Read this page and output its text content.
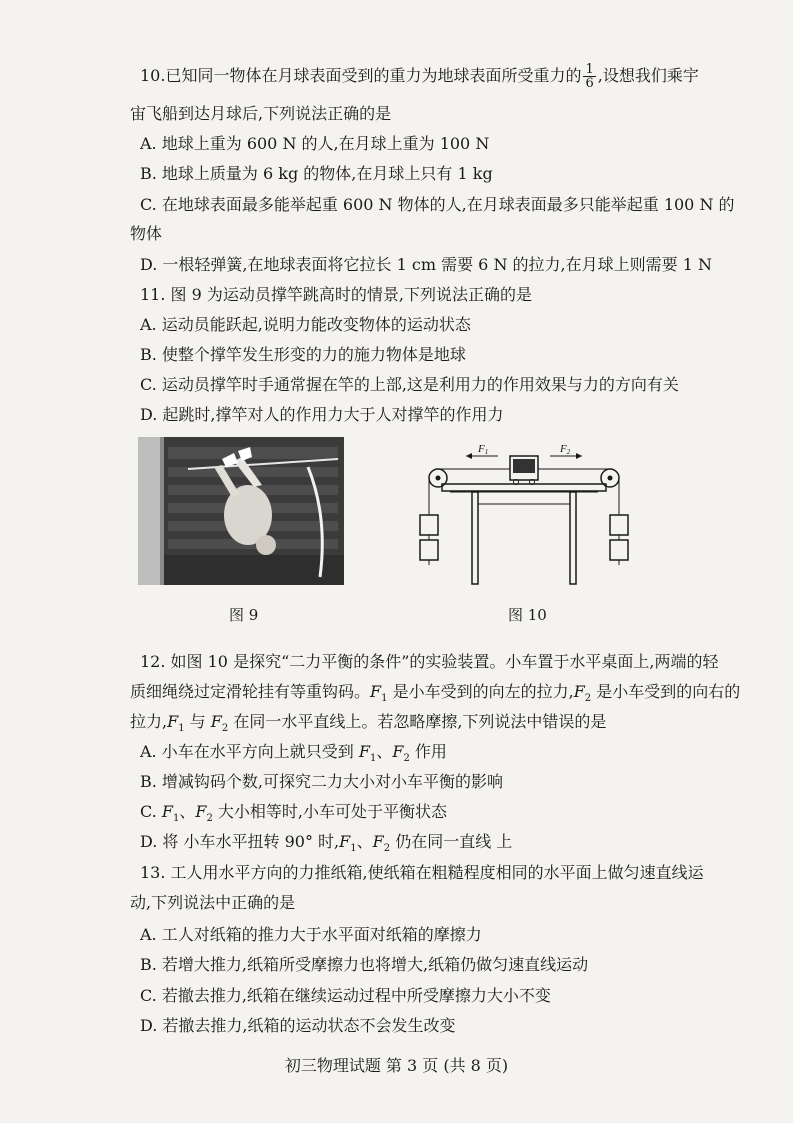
10.已知同一物体在月球表面受到的重力为地球表面所受重力的 $\frac{1}{6}$ ,设想我们乘宇
宙飞船到达月球后,下列说法正确的是
A. 地球上重为 600 N 的人,在月球上重为 100 N
B. 地球上质量为 6 kg 的物体,在月球上只有 1 kg
C. 在地球表面最多能举起重 600 N 物体的人,在月球表面最多只能举起重 100 N 的
物体
D. 一根轻弹簧,在地球表面将它拉长 1 cm 需要 6 N 的拉力,在月球上则需要 1 N
11. 图 9 为运动员撑竿跳高时的情景,下列说法正确的是
A. 运动员能跃起,说明力能改变物体的运动状态
B. 使整个撑竿发生形变的力的施力物体是地球
C. 运动员撑竿时手通常握在竿的上部,这是利用力的作用效果与力的方向有关
D. 起跳时,撑竿对人的作用力大于人对撑竿的作用力
图 9
F1	F2
图 10
12. 如图 10 是探究“二力平衡的条件”的实验装置。小车置于水平桌面上,两端的轻
质细绳绕过定滑轮挂有等重钩码。$F_1$ 是小车受到的向左的拉力$,F_2$ 是小车受到的向右的
拉力$,F_1$ 与 $F_2$ 在同一水平直线上。若忽略摩擦,下列说法中错误的是
A. 小车在水平方向上就只受到 $F_1$、$F_2$ 作用
B. 增减钩码个数,可探究二力大小对小车平衡的影响
C. $F_1$、$F_2$ 大小相等时,小车可处于平衡状态
D. 将 小车水平扭转 90° 时$,F_1$、$F_2$ 仍在同一直线 上
13. 工人用水平方向的力推纸箱,使纸箱在粗糙程度相同的水平面上做匀速直线运
动,下列说法中正确的是
A. 工人对纸箱的推力大于水平面对纸箱的摩擦力
B. 若增大推力,纸箱所受摩擦力也将增大,纸箱仍做匀速直线运动
C. 若撤去推力,纸箱在继续运动过程中所受摩擦力大小不变
D. 若撤去推力,纸箱的运动状态不会发生改变
初三物理试题 第 3 页 (共 8 页)
